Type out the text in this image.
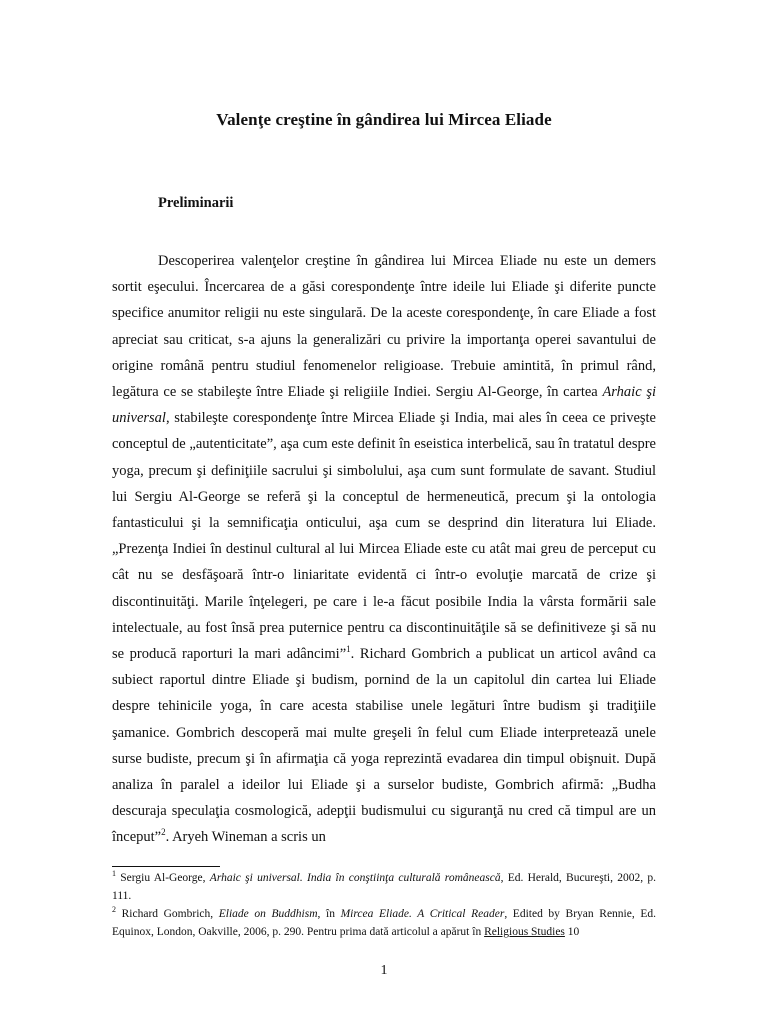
Valenţe creştine în gândirea lui Mircea Eliade
Preliminarii

Descoperirea valenţelor creştine în gândirea lui Mircea Eliade nu este un demers sortit eşecului. Încercarea de a găsi corespondenţe între ideile lui Eliade şi diferite puncte specifice anumitor religii nu este singulară. De la aceste corespondenţe, în care Eliade a fost apreciat sau criticat, s-a ajuns la generalizări cu privire la importanţa operei savantului de origine română pentru studiul fenomenelor religioase. Trebuie amintită, în primul rând, legătura ce se stabileşte între Eliade şi religiile Indiei. Sergiu Al-George, în cartea Arhaic şi universal, stabileşte corespondenţe între Mircea Eliade şi India, mai ales în ceea ce priveşte conceptul de „autenticitate”, aşa cum este definit în eseistica interbelică, sau în tratatul despre yoga, precum şi definiţiile sacrului şi simbolului, aşa cum sunt formulate de savant. Studiul lui Sergiu Al-George se referă şi la conceptul de hermeneutică, precum şi la ontologia fantasticului şi la semnificaţia onticului, aşa cum se desprind din literatura lui Eliade. „Prezenţa Indiei în destinul cultural al lui Mircea Eliade este cu atât mai greu de perceput cu cât nu se desfăşoară într-o liniaritate evidentă ci într-o evoluţie marcată de crize şi discontinuităţi. Marile înţelegeri, pe care i le-a făcut posibile India la vârsta formării sale intelectuale, au fost însă prea puternice pentru ca discontinuităţile să se definitiveze şi să nu se producă raporturi la mari adâncimi”$^1$. Richard Gombrich a publicat un articol având ca subiect raportul dintre Eliade şi budism, pornind de la un capitolul din cartea lui Eliade despre tehinicile yoga, în care acesta stabilise unele legături între budism şi tradiţiile şamanice. Gombrich descoperă mai multe greşeli în felul cum Eliade interpretează unele surse budiste, precum şi în afirmaţia că yoga reprezintă evadarea din timpul obişnuit. După analiza în paralel a ideilor lui Eliade şi a surselor budiste, Gombrich afirmă: „Budha descuraja speculaţia cosmologică, adepţii budismului cu siguranţă nu cred că timpul are un început”$^2$. Aryeh Wineman a scris un

$^1$ Sergiu Al-George, Arhaic şi universal. India în conştiinţa culturală românească, Ed. Herald, Bucureşti, 2002, p. 111.

$^2$ Richard Gombrich, Eliade on Buddhism, în Mircea Eliade. A Critical Reader, Edited by Bryan Rennie, Ed. Equinox, London, Oakville, 2006, p. 290. Pentru prima dată articolul a apărut în Religious Studies 10

1
